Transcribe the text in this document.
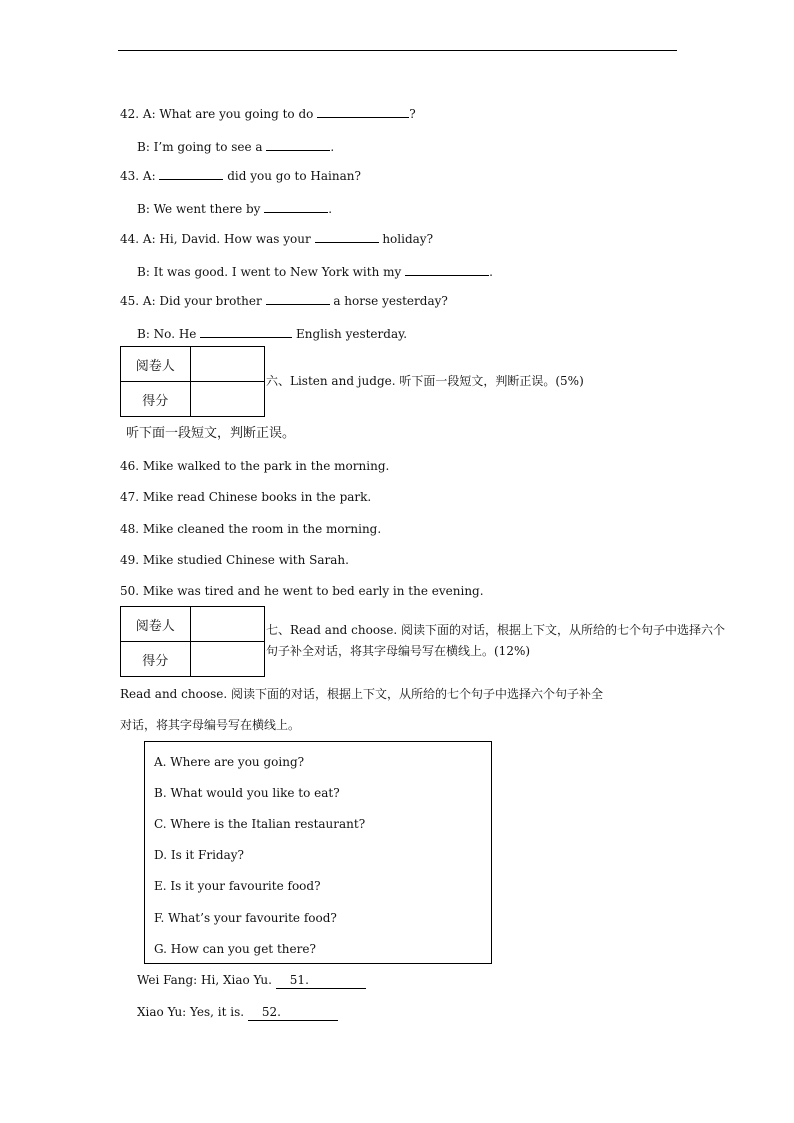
42. A: What are you going to do	?
B: I’m going to see a	.
43. A:	did you go to Hainan?
B: We went there by	.
44. A: Hi, David. How was your	holiday?
B: It was good. I went to New York with my	.
45. A: Did your brother	a horse yesterday?
B: No. He	English yesterday.
阅卷人	
得分	
六、Listen and judge. 听下面一段短文，判断正误。(5%)
听下面一段短文，判断正误。
46. Mike walked to the park in the morning.
47. Mike read Chinese books in the park.
48. Mike cleaned the room in the morning.
49. Mike studied Chinese with Sarah.
50. Mike was tired and he went to bed early in the evening.
阅卷人	
得分	
七、Read and choose. 阅读下面的对话，根据上下文，从所给的七个句子中选择六个
句子补全对话，将其字母编号写在横线上。(12%)
Read and choose. 阅读下面的对话，根据上下文，从所给的七个句子中选择六个句子补全
对话，将其字母编号写在横线上。
A. Where are you going?
B. What would you like to eat?
C. Where is the Italian restaurant?
D. Is it Friday?
E. Is it your favourite food?
F. What’s your favourite food?
G. How can you get there?
Wei Fang: Hi, Xiao Yu. 51.
Xiao Yu: Yes, it is. 52.
